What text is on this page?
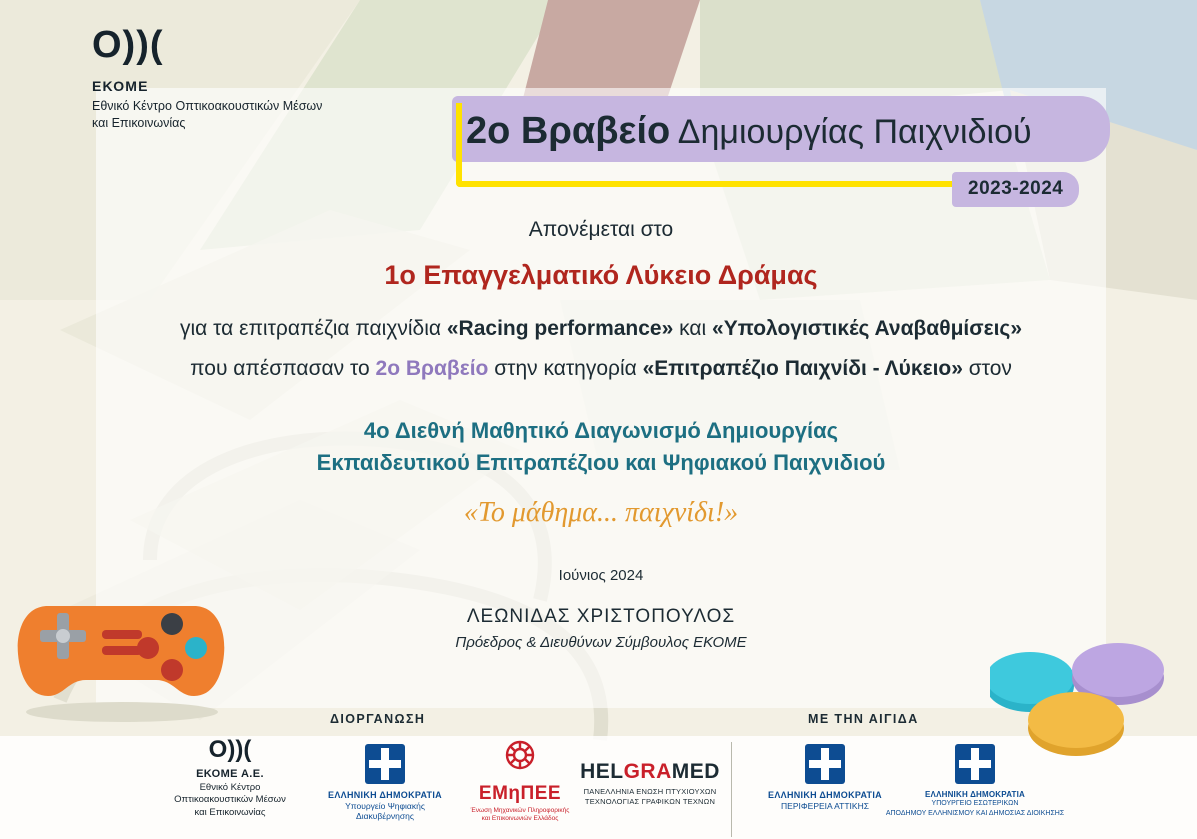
O))(
ΕΚΟΜΕ
Εθνικό Κέντρο Οπτικοακουστικών Μέσων
και Επικοινωνίας	2ο Βραβείο Δημιουργίας Παιχνιδιού
2023-2024
Απονέμεται στο
1ο Επαγγελματικό Λύκειο Δράμας
για τα επιτραπέζια παιχνίδια «Racing performance» και «Υπολογιστικές Αναβαθμίσεις»
που απέσπασαν το 2ο Βραβείο στην κατηγορία «Επιτραπέζιο Παιχνίδι - Λύκειο» στον
4ο Διεθνή Μαθητικό Διαγωνισμό Δημιουργίας
Εκπαιδευτικού Επιτραπέζιου και Ψηφιακού Παιχνιδιού
«Το μάθημα... παιχνίδι!»
Ιούνιος 2024
ΛΕΩΝΙΔΑΣ ΧΡΙΣΤΟΠΟΥΛΟΣ
Πρόεδρος & Διευθύνων Σύμβουλος ΕΚΟΜΕ
ΔΙΟΡΓΑΝΩΣΗ	ΜΕ ΤΗΝ ΑΙΓΙΔΑ
O))(
ΕΚΟΜΕ Α.Ε.
Εθνικό Κέντρο
Οπτικοακουστικών Μέσων
και Επικοινωνίας
ΕΛΛΗΝΙΚΗ ΔΗΜΟΚΡΑΤΙΑ
Υπουργείο Ψηφιακής Διακυβέρνησης
ΕΜηΠΕΕ
Ένωση Μηχανικών Πληροφορικής
και Επικοινωνιών Ελλάδος
HELGRAMED
ΠΑΝΕΛΛΗΝΙΑ ΕΝΩΣΗ ΠΤΥΧΙΟΥΧΩΝ
ΤΕΧΝΟΛΟΓΙΑΣ ΓΡΑΦΙΚΩΝ ΤΕΧΝΩΝ
ΕΛΛΗΝΙΚΗ ΔΗΜΟΚΡΑΤΙΑ
ΠΕΡΙΦΕΡΕΙΑ ΑΤΤΙΚΗΣ
ΕΛΛΗΝΙΚΗ ΔΗΜΟΚΡΑΤΙΑ
ΥΠΟΥΡΓΕΙΟ ΕΣΩΤΕΡΙΚΩΝ
ΑΠΟΔΗΜΟΥ ΕΛΛΗΝΙΣΜΟΥ ΚΑΙ ΔΗΜΟΣΙΑΣ ΔΙΟΙΚΗΣΗΣ
